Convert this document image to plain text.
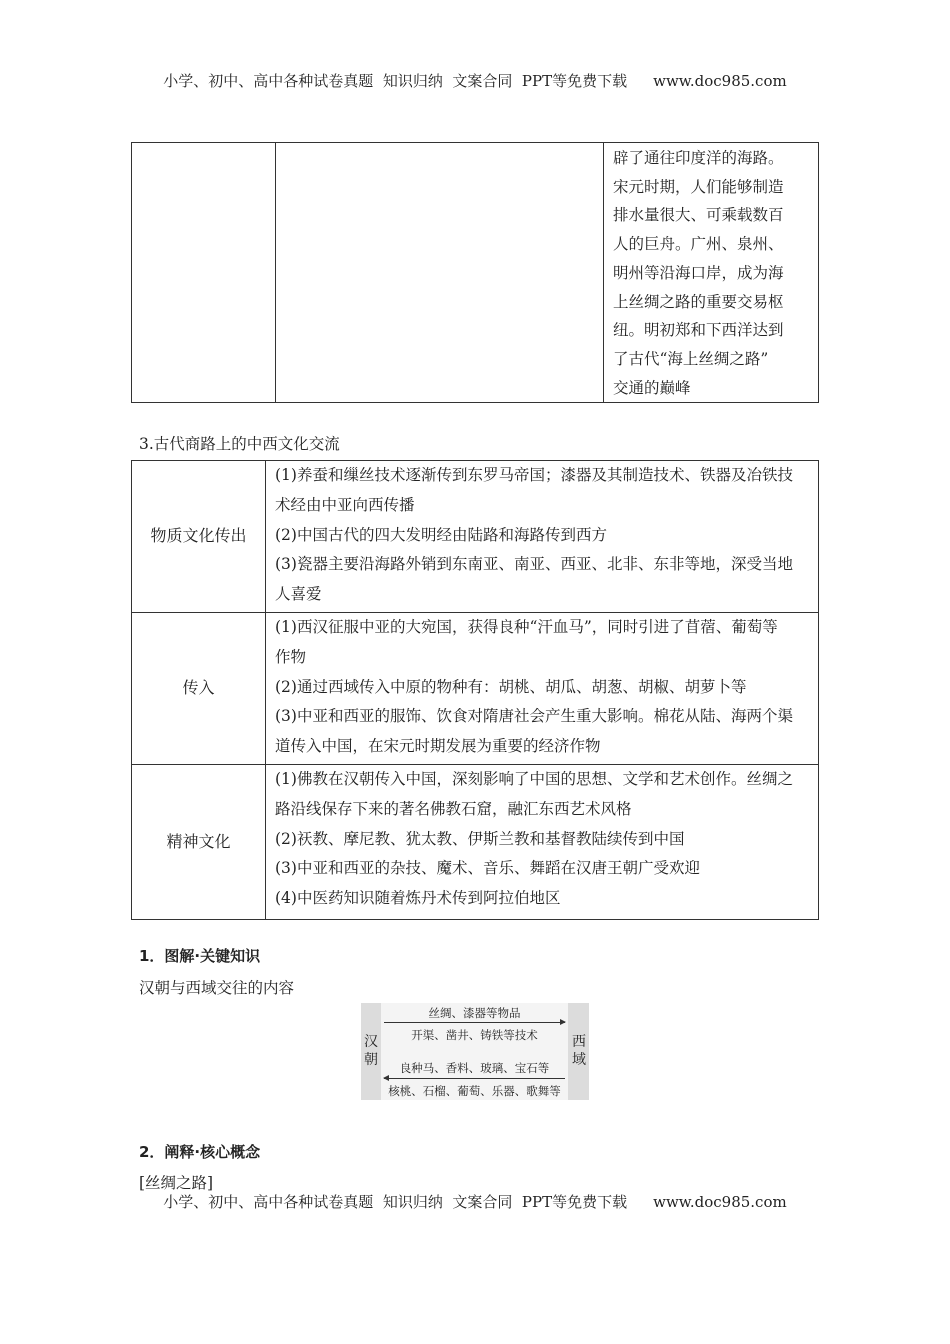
小学、初中、高中各种试卷真题  知识归纳  文案合同  PPT等免费下载 www.doc985.com

辟了通往印度洋的海路。
宋元时期，人们能够制造
排水量很大、可乘载数百
人的巨舟。广州、泉州、
明州等沿海口岸，成为海
上丝绸之路的重要交易枢
纽。明初郑和下西洋达到
了古代“海上丝绸之路”
交通的巅峰
3.古代商路上的中西文化交流
物质文化传出	(1)养蚕和缫丝技术逐渐传到东罗马帝国；漆器及其制造技术、铁器及冶铁技
术经由中亚向西传播
(2)中国古代的四大发明经由陆路和海路传到西方
(3)瓷器主要沿海路外销到东南亚、南亚、西亚、北非、东非等地，深受当地
人喜爱

传入	(1)西汉征服中亚的大宛国，获得良种“汗血马”，同时引进了苜蓿、葡萄等
作物
(2)通过西域传入中原的物种有：胡桃、胡瓜、胡葱、胡椒、胡萝卜等
(3)中亚和西亚的服饰、饮食对隋唐社会产生重大影响。棉花从陆、海两个渠
道传入中国，在宋元时期发展为重要的经济作物

精神文化	(1)佛教在汉朝传入中国，深刻影响了中国的思想、文学和艺术创作。丝绸之
路沿线保存下来的著名佛教石窟，融汇东西艺术风格
(2)祆教、摩尼教、犹太教、伊斯兰教和基督教陆续传到中国
(3)中亚和西亚的杂技、魔术、音乐、舞蹈在汉唐王朝广受欢迎
(4)中医药知识随着炼丹术传到阿拉伯地区
1．图解·关键知识
汉朝与西域交往的内容
汉朝
丝绸、漆器等物品
开渠、凿井、铸铁等技术
良种马、香料、玻璃、宝石等
核桃、石榴、葡萄、乐器、歌舞等
西域
2．阐释·核心概念
[丝绸之路]
小学、初中、高中各种试卷真题  知识归纳  文案合同  PPT等免费下载 www.doc985.com
